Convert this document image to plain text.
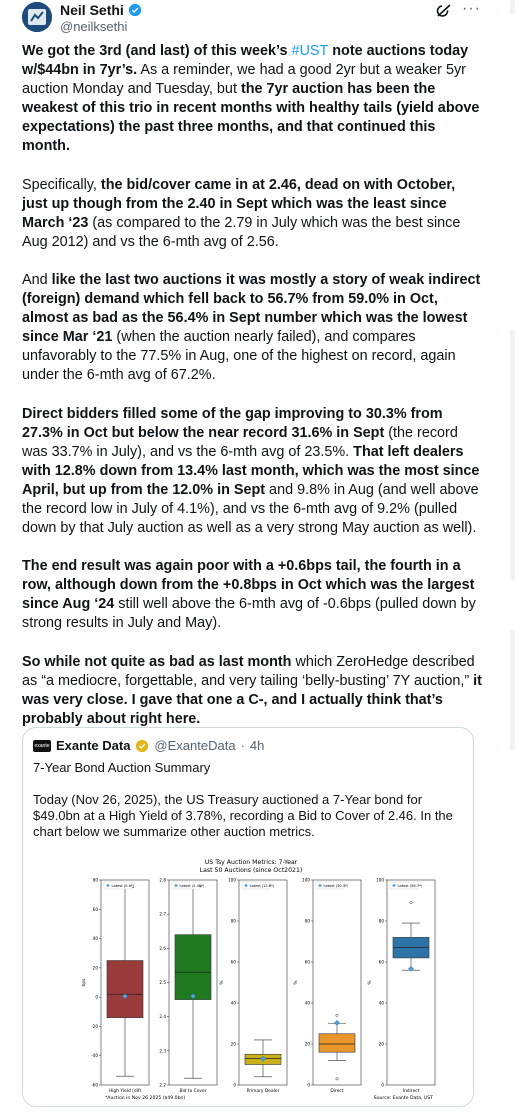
Neil Sethi
@neilksethi
···

We got the 3rd (and last) of this week’s #UST note auctions today w/$44bn in 7yr’s. As a reminder, we had a good 2yr but a weaker 5yr auction Monday and Tuesday, but the 7yr auction has been the weakest of this trio in recent months with healthy tails (yield above expectations) the past three months, and that continued this month.

Specifically, the bid/cover came in at 2.46, dead on with October, just up though from the 2.40 in Sept which was the least since March ‘23 (as compared to the 2.79 in July which was the best since Aug 2012) and vs the 6-mth avg of 2.56.

And like the last two auctions it was mostly a story of weak indirect (foreign) demand which fell back to 56.7% from 59.0% in Oct, almost as bad as the 56.4% in Sept number which was the lowest since Mar ‘21 (when the auction nearly failed), and compares unfavorably to the 77.5% in Aug, one of the highest on record, again under the 6-mth avg of 67.2%.

Direct bidders filled some of the gap improving to 30.3% from 27.3% in Oct but below the near record 31.6% in Sept (the record was 33.7% in July), and vs the 6-mth avg of 23.5%. That left dealers with 12.8% down from 13.4% last month, which was the most since April, but up from the 12.0% in Sept and 9.8% in Aug (and well above the record low in July of 4.1%), and vs the 6-mth avg of 9.2% (pulled down by that July auction as well as a very strong May auction as well).

The end result was again poor with a +0.6bps tail, the fourth in a row, although down from the +0.8bps in Oct which was the largest since Aug ‘24 still well above the 6-mth avg of -0.6bps (pulled down by strong results in July and May).

So while not quite as bad as last month which ZeroHedge described as “a mediocre, forgettable, and very tailing ‘belly-busting’ 7Y auction,” it was very close. I gave that one a C-, and I actually think that’s probably about right here.

exante Exante Data @ExanteData · 4h
7-Year Bond Auction Summary
Today (Nov 26, 2025), the US Treasury auctioned a 7-Year bond for $49.0bn at a High Yield of 3.78%, recording a Bid to Cover of 2.46. In the chart below we summarize other auction metrics.
US Tsy Auction Metrics: 7-Year
Last 50 Auctions (since Oct2021)
*Auction in Nov 26 2025 ($49.0bn)	Source: Exante Data, UST
-60
-40
-20
0
20
40
60
80
bps
High Yield (dif)
Latest (0.6*)
2.2
2.3
2.4
2.5
2.6
2.7
2.8
Bid to Cover
Latest (2.46*)
0
20
40
60
80
100
%
Primary Dealer
Latest (12.8*)
0
20
40
60
80
100
%
Direct
Latest (30.3*)
0
20
40
60
80
100
%
Indirect
Latest (56.7*)
